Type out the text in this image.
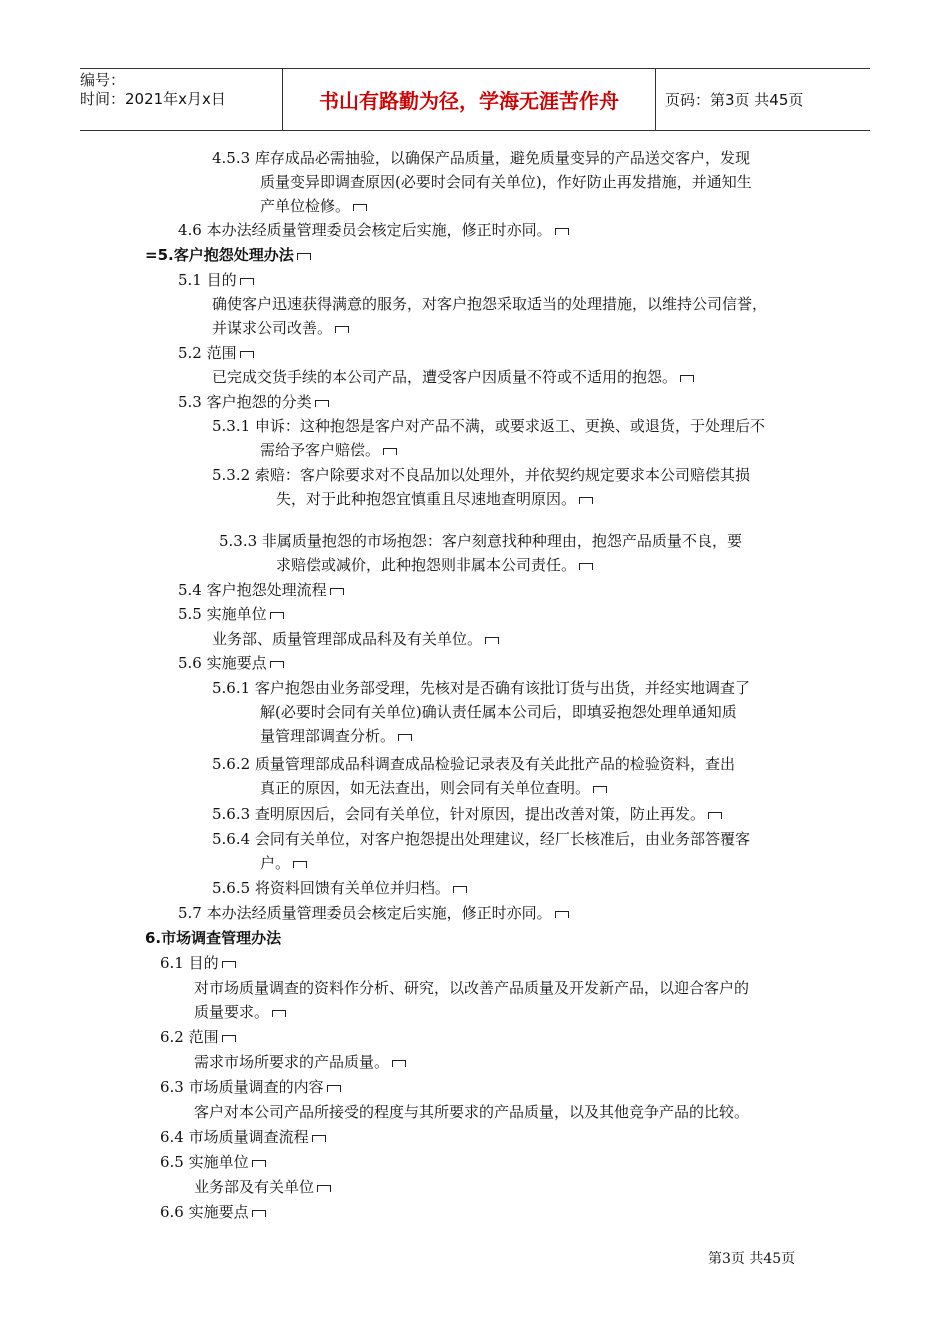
编号：
时间：2021年x月x日	书山有路勤为径，学海无涯苦作舟	页码：第3页 共45页
4.5.3 库存成品必需抽验，以确保产品质量，避免质量变异的产品送交客户，发现
质量变异即调查原因(必要时会同有关单位)，作好防止再发措施，并通知生
产单位检修。
4.6 本办法经质量管理委员会核定后实施，修正时亦同。
=5.客户抱怨处理办法
5.1 目的
确使客户迅速获得满意的服务，对客户抱怨采取适当的处理措施，以维持公司信誉，
并谋求公司改善。
5.2 范围
已完成交货手续的本公司产品，遭受客户因质量不符或不适用的抱怨。
5.3 客户抱怨的分类
5.3.1 申诉：这种抱怨是客户对产品不满，或要求返工、更换、或退货，于处理后不
需给予客户赔偿。
5.3.2 索赔：客户除要求对不良品加以处理外，并依契约规定要求本公司赔偿其损
失，对于此种抱怨宜慎重且尽速地查明原因。
5.3.3 非属质量抱怨的市场抱怨：客户刻意找种种理由，抱怨产品质量不良，要
求赔偿或减价，此种抱怨则非属本公司责任。
5.4 客户抱怨处理流程
5.5 实施单位
业务部、质量管理部成品科及有关单位。
5.6 实施要点
5.6.1 客户抱怨由业务部受理，先核对是否确有该批订货与出货，并经实地调查了
解(必要时会同有关单位)确认责任属本公司后，即填妥抱怨处理单通知质
量管理部调查分析。
5.6.2 质量管理部成品科调查成品检验记录表及有关此批产品的检验资料，查出
真正的原因，如无法查出，则会同有关单位查明。
5.6.3 查明原因后，会同有关单位，针对原因，提出改善对策，防止再发。
5.6.4 会同有关单位，对客户抱怨提出处理建议，经厂长核准后，由业务部答覆客
户。
5.6.5 将资料回馈有关单位并归档。
5.7 本办法经质量管理委员会核定后实施，修正时亦同。
6.市场调查管理办法
6.1 目的
对市场质量调查的资料作分析、研究，以改善产品质量及开发新产品，以迎合客户的
质量要求。
6.2 范围
需求市场所要求的产品质量。
6.3 市场质量调查的内容
客户对本公司产品所接受的程度与其所要求的产品质量，以及其他竞争产品的比较。
6.4 市场质量调查流程
6.5 实施单位
业务部及有关单位
6.6 实施要点
第3页 共45页
